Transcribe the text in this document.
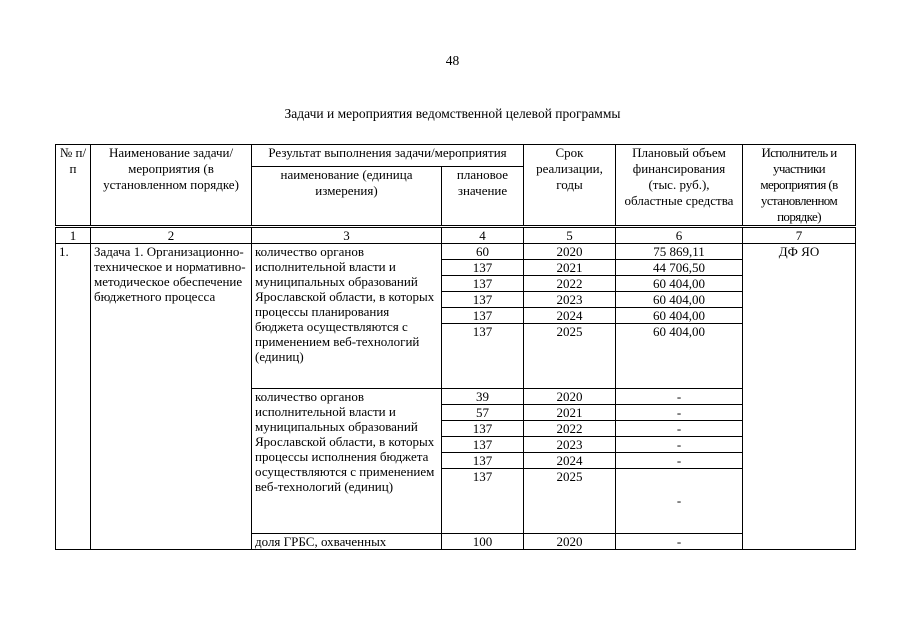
48
Задачи и мероприятия ведомственной целевой программы
№ п/п	Наименование задачи/ мероприятия (в установленном порядке)	Результат выполнения задачи/мероприятия		Срок реализации, годы	Плановый объем финансирования (тыс. руб.), областные средства	Исполнитель и участники мероприятия (в установленном порядке)
		наименование (единица измерения)	плановое значение			
1	2	3	4	5	6	7
1.	Задача 1. Организационно-техническое и нормативно-методическое обеспечение бюджетного процесса	количество органов исполнительной власти и муниципальных образований Ярославской области, в которых процессы планирования бюджета осуществляются с применением веб-технологий (единиц)	60	2020	75 869,11	ДФ ЯО
			137	2021	44 706,50	
			137	2022	60 404,00	
			137	2023	60 404,00	
			137	2024	60 404,00	
			137	2025	60 404,00	
		количество органов исполнительной власти и муниципальных образований Ярославской области, в которых процессы исполнения бюджета осуществляются с применением веб-технологий (единиц)	39	2020	-	
			57	2021	-	
			137	2022	-	
			137	2023	-	
			137	2024	-	
			137	2025	-	
		доля ГРБС, охваченных	100	2020	-	
